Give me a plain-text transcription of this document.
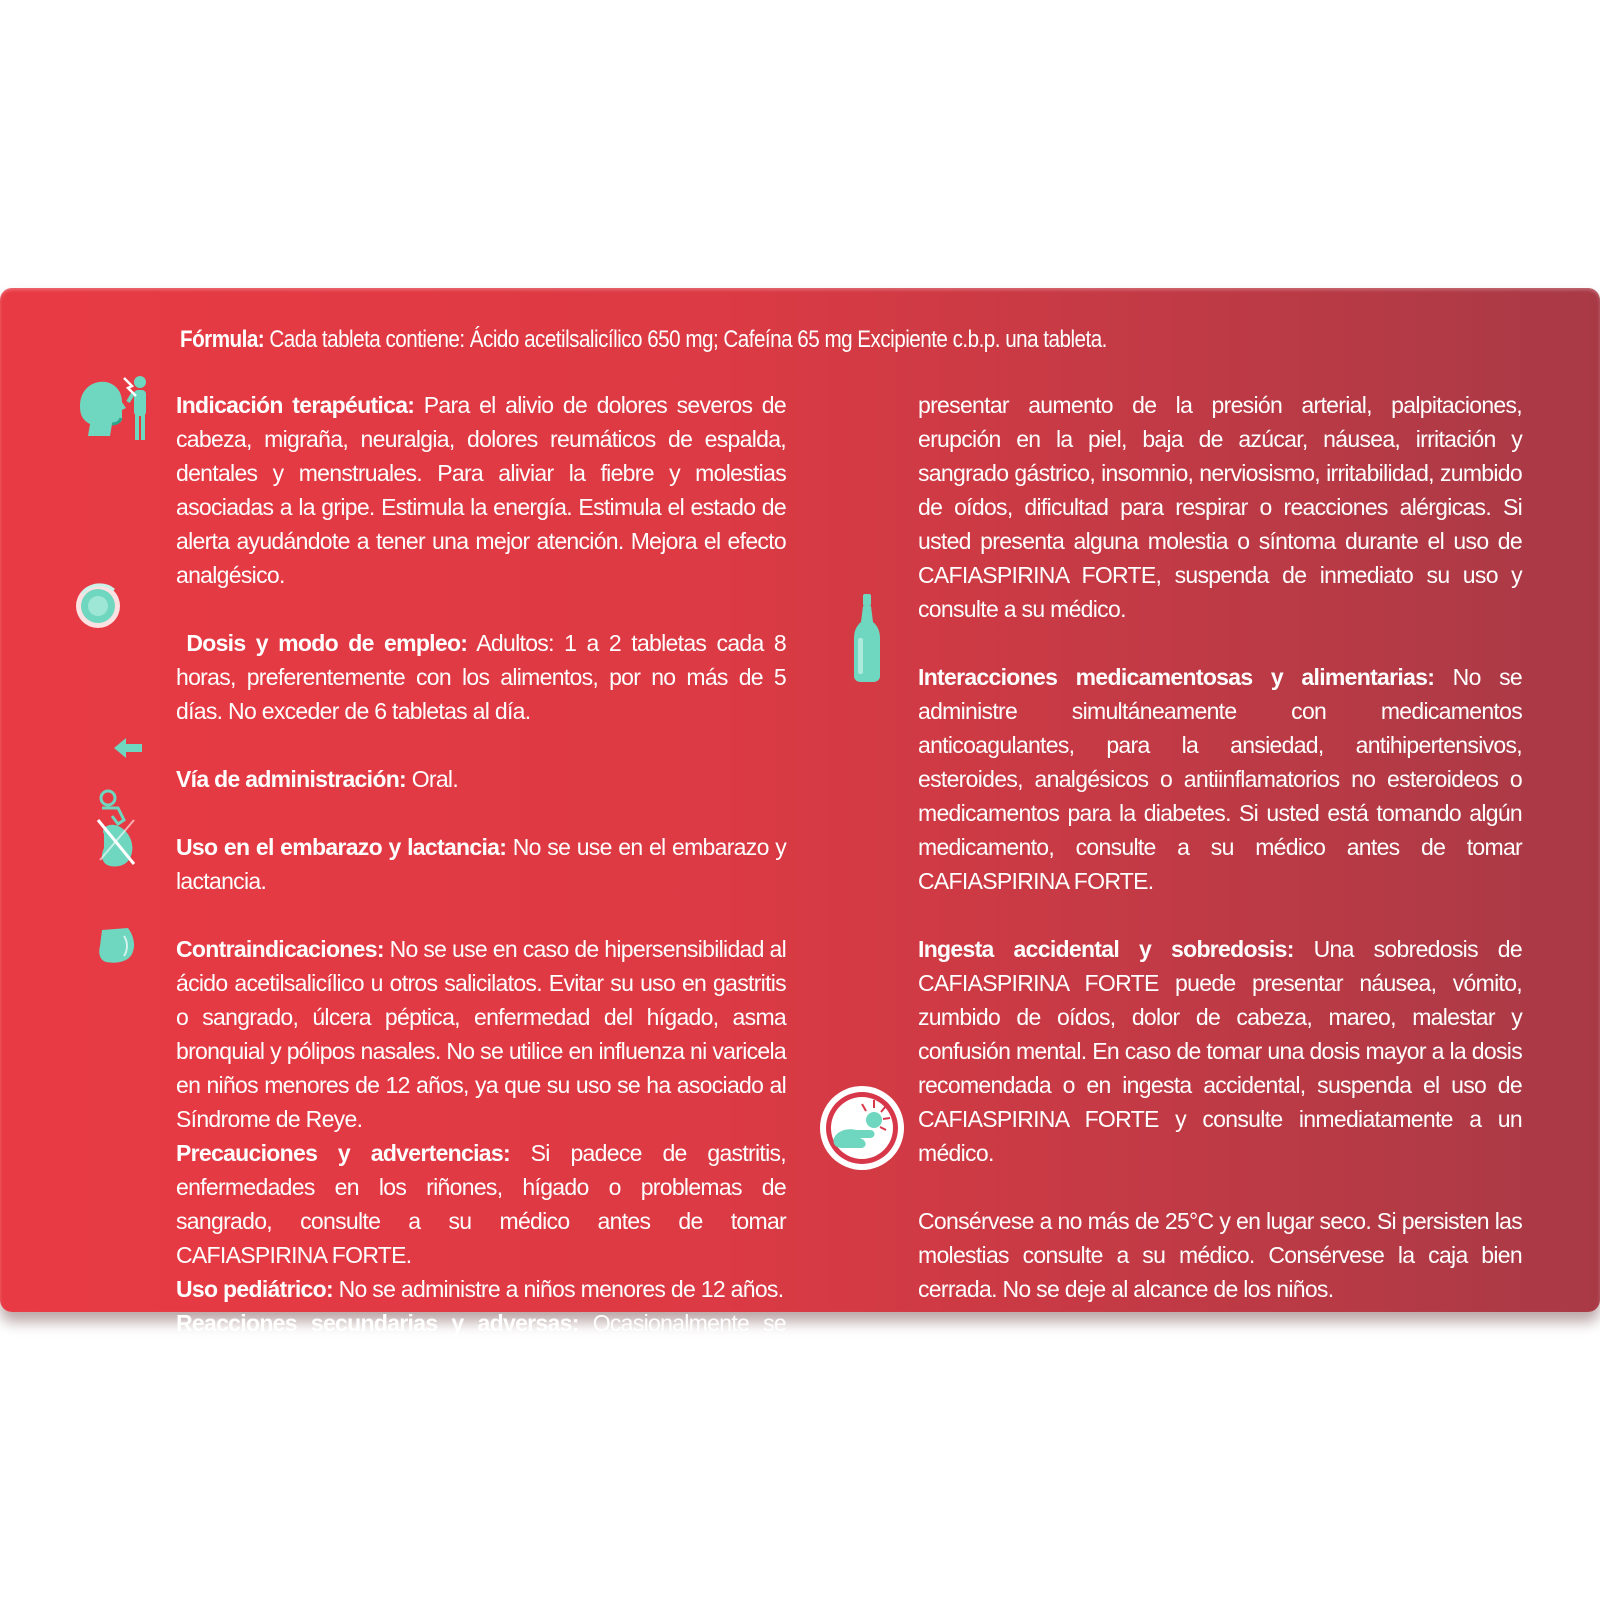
Fórmula: Cada tableta contiene: Ácido acetilsalicílico 650 mg; Cafeína 65 mg Excipiente c.b.p. una tableta.

Indicación terapéutica: Para el alivio de dolores severos de cabeza, migraña, neuralgia, dolores reumáticos de espalda, dentales y menstruales. Para aliviar la fiebre y molestias asociadas a la gripe. Estimula la energía. Estimula el estado de alerta ayudándote a tener una mejor atención. Mejora el efecto analgésico.

Dosis y modo de empleo: Adultos: 1 a 2 tabletas cada 8 horas, preferentemente con los alimentos, por no más de 5 días. No exceder de 6 tabletas al día.

Vía de administración: Oral.

Uso en el embarazo y lactancia: No se use en el embarazo y lactancia.

Contraindicaciones: No se use en caso de hipersensibilidad al ácido acetilsalicílico u otros salicilatos. Evitar su uso en gastritis o sangrado, úlcera péptica, enfermedad del hígado, asma bronquial y pólipos nasales. No se utilice en influenza ni varicela en niños menores de 12 años, ya que su uso se ha asociado al Síndrome de Reye.

Precauciones y advertencias: Si padece de gastritis, enfermedades en los riñones, hígado o problemas de sangrado, consulte a su médico antes de tomar CAFIASPIRINA FORTE.

Uso pediátrico: No se administre a niños menores de 12 años.

Reacciones secundarias y adversas: Ocasionalmente se puede

presentar aumento de la presión arterial, palpitaciones, erupción en la piel, baja de azúcar, náusea, irritación y sangrado gástrico, insomnio, nerviosismo, irritabilidad, zumbido de oídos, dificultad para respirar o reacciones alérgicas. Si usted presenta alguna molestia o síntoma durante el uso de CAFIASPIRINA FORTE, suspenda de inmediato su uso y consulte a su médico.

Interacciones medicamentosas y alimentarias: No se administre simultáneamente con medicamentos anticoagulantes, para la ansiedad, antihipertensivos, esteroides, analgésicos o antiinflamatorios no esteroideos o medicamentos para la diabetes. Si usted está tomando algún medicamento, consulte a su médico antes de tomar CAFIASPIRINA FORTE.

Ingesta accidental y sobredosis: Una sobredosis de CAFIASPIRINA FORTE puede presentar náusea, vómito, zumbido de oídos, dolor de cabeza, mareo, malestar y confusión mental. En caso de tomar una dosis mayor a la dosis recomendada o en ingesta accidental, suspenda el uso de CAFIASPIRINA FORTE y consulte inmediatamente a un médico.

Consérvese a no más de 25°C y en lugar seco. Si persisten las molestias consulte a su médico. Consérvese la caja bien cerrada. No se deje al alcance de los niños.
